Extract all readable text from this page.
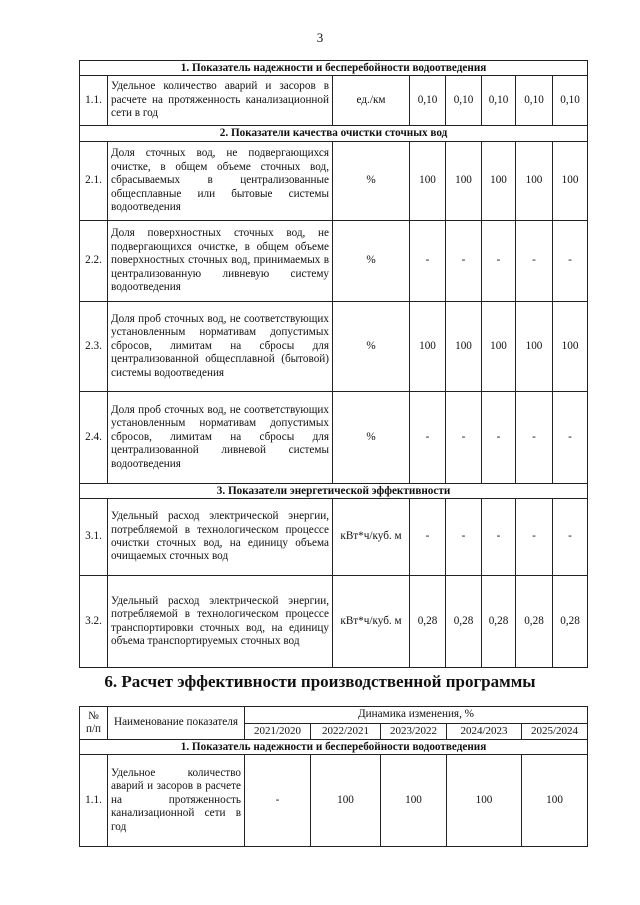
3
1. Показатель надежности и бесперебойности водоотведения							
1.1.	Удельное количество аварий и засоров в расчете на протяженность канализационной сети в год	ед./км	0,10	0,10	0,10	0,10	0,10
2. Показатели качества очистки сточных вод							
2.1.	Доля сточных вод, не подвергающихся очистке, в общем объеме сточных вод, сбрасываемых в централизованные общесплавные или бытовые системы водоотведения	%	100	100	100	100	100
2.2.	Доля поверхностных сточных вод, не подвергающихся очистке, в общем объеме поверхностных сточных вод, принимаемых в централизованную ливневую систему водоотведения	%	-	-	-	-	-
2.3.	Доля проб сточных вод, не соответствующих установленным нормативам допустимых сбросов, лимитам на сбросы для централизованной общесплавной (бытовой) системы водоотведения	%	100	100	100	100	100
2.4.	Доля проб сточных вод, не соответствующих установленным нормативам допустимых сбросов, лимитам на сбросы для централизованной ливневой системы водоотведения	%	-	-	-	-	-
3. Показатели энергетической эффективности							
3.1.	Удельный расход электрической энергии, потребляемой в технологическом процессе очистки сточных вод, на единицу объема очищаемых сточных вод	кВт*ч/куб. м	-	-	-	-	-
3.2.	Удельный расход электрической энергии, потребляемой в технологическом процессе транспортировки сточных вод, на единицу объема транспортируемых сточных вод	кВт*ч/куб. м	0,28	0,28	0,28	0,28	0,28
6. Расчет эффективности производственной программы
№ п/п	Наименование показателя	Динамика изменения, %				
		2021/2020	2022/2021	2023/2022	2024/2023	2025/2024
1. Показатель надежности и бесперебойности водоотведения						
1.1.	Удельное количество аварий и засоров в расчете на протяженность канализационной сети в год	-	100	100	100	100
